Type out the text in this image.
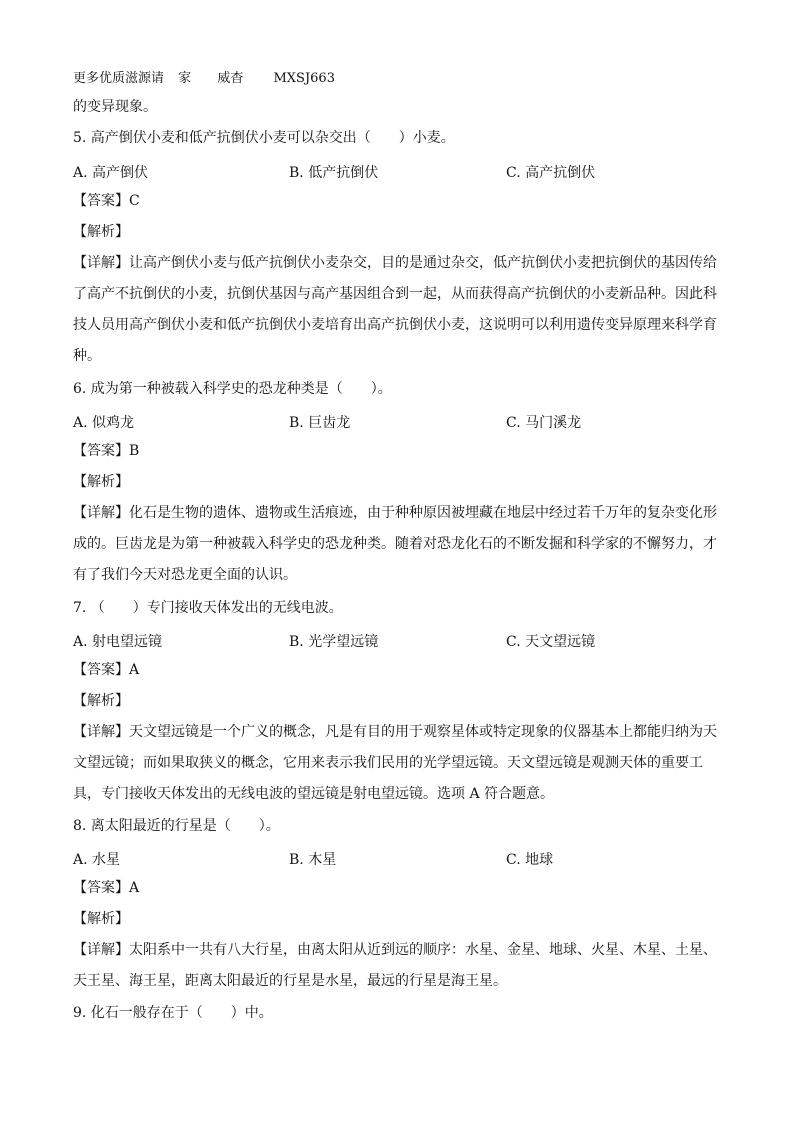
更多优质滋源请 家 威杳 MXSJ663
的变异现象。
5. 高产倒伏小麦和低产抗倒伏小麦可以杂交出（　　）小麦。
A. 高产倒伏	B. 低产抗倒伏	C. 高产抗倒伏
【答案】C
【解析】
【详解】让高产倒伏小麦与低产抗倒伏小麦杂交，目的是通过杂交，低产抗倒伏小麦把抗倒伏的基因传给
了高产不抗倒伏的小麦，抗倒伏基因与高产基因组合到一起，从而获得高产抗倒伏的小麦新品种。因此科
技人员用高产倒伏小麦和低产抗倒伏小麦培育出高产抗倒伏小麦，这说明可以利用遗传变异原理来科学育
种。
6. 成为第一种被载入科学史的恐龙种类是（　　）。
A. 似鸡龙	B. 巨齿龙	C. 马门溪龙
【答案】B
【解析】
【详解】化石是生物的遗体、遗物或生活痕迹，由于种种原因被埋藏在地层中经过若千万年的复杂变化形
成的。巨齿龙是为第一种被载入科学史的恐龙种类。随着对恐龙化石的不断发掘和科学家的不懈努力，才
有了我们今天对恐龙更全面的认识。
7. （　　）专门接收天体发出的无线电波。
A. 射电望远镜	B. 光学望远镜	C. 天文望远镜
【答案】A
【解析】
【详解】天文望远镜是一个广义的概念，凡是有目的用于观察星体或特定现象的仪器基本上都能归纳为天
文望远镜；而如果取狭义的概念，它用来表示我们民用的光学望远镜。天文望远镜是观测天体的重要工
具，专门接收天体发出的无线电波的望远镜是射电望远镜。选项 A 符合题意。
8. 离太阳最近的行星是（　　）。
A. 水星	B. 木星	C. 地球
【答案】A
【解析】
【详解】太阳系中一共有八大行星，由离太阳从近到远的顺序：水星、金星、地球、火星、木星、土星、
天王星、海王星，距离太阳最近的行星是水星，最远的行星是海王星。
9. 化石一般存在于（　　）中。
